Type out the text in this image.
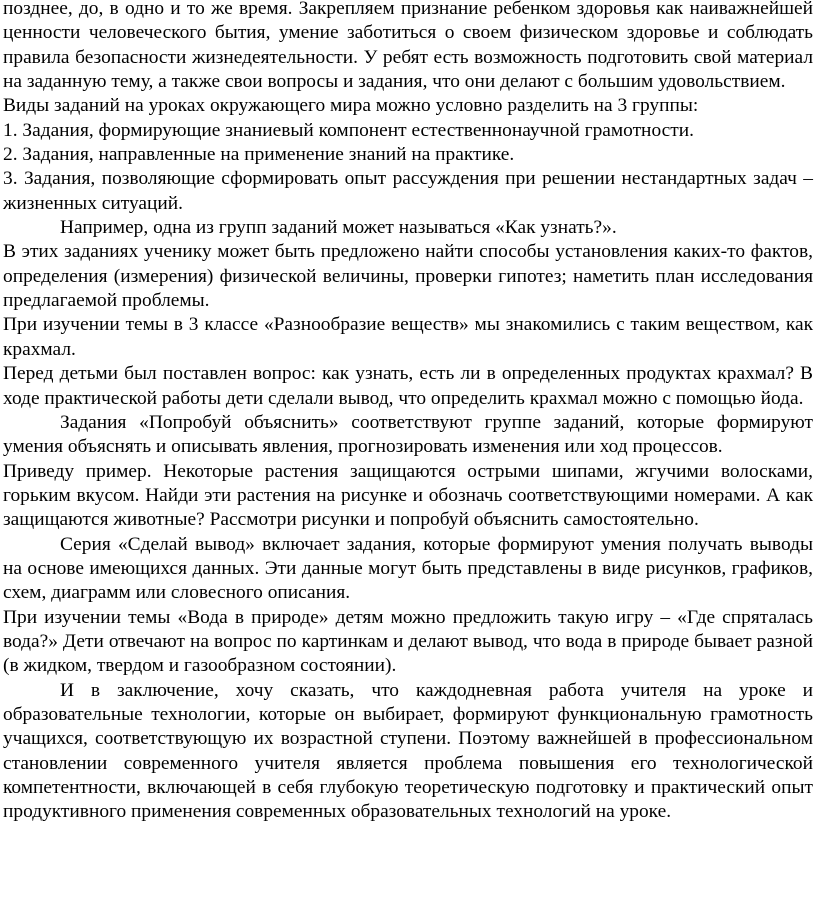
позднее, до, в одно и то же время. Закрепляем признание ребенком здоровья как наиважнейшей ценности человеческого бытия, умение заботиться о своем физическом здоровье и соблюдать правила безопасности жизнедеятельности. У ребят есть возможность подготовить свой материал на заданную тему, а также свои вопросы и задания, что они делают с большим удовольствием.

Виды заданий на уроках окружающего мира можно условно разделить на 3 группы:

1. Задания, формирующие знаниевый компонент естественнонаучной грамотности.

2. Задания, направленные на применение знаний на практике.

3. Задания, позволяющие сформировать опыт рассуждения при решении нестандартных задач – жизненных ситуаций.

Например, одна из групп заданий может называться «Как узнать?».

В этих заданиях ученику может быть предложено найти способы установления каких-то фактов, определения (измерения) физической величины, проверки гипотез; наметить план исследования предлагаемой проблемы.

При изучении темы в 3 классе «Разнообразие веществ» мы знакомились с таким веществом, как крахмал.

Перед детьми был поставлен вопрос: как узнать, есть ли в определенных продуктах крахмал? В ходе практической работы дети сделали вывод, что определить крахмал можно с помощью йода.

Задания «Попробуй объяснить» соответствуют группе заданий, которые формируют умения объяснять и описывать явления, прогнозировать изменения или ход процессов.

Приведу пример. Некоторые растения защищаются острыми шипами, жгучими волосками, горьким вкусом. Найди эти растения на рисунке и обозначь соответствующими номерами. А как защищаются животные? Рассмотри рисунки и попробуй объяснить самостоятельно.

Серия «Сделай вывод» включает задания, которые формируют умения получать выводы на основе имеющихся данных. Эти данные могут быть представлены в виде рисунков, графиков, схем, диаграмм или словесного описания.

При изучении темы «Вода в природе» детям можно предложить такую игру – «Где спряталась вода?» Дети отвечают на вопрос по картинкам и делают вывод, что вода в природе бывает разной (в жидком, твердом и газообразном состоянии).

И в заключение, хочу сказать, что каждодневная работа учителя на уроке и образовательные технологии, которые он выбирает, формируют функциональную грамотность учащихся, соответствующую их возрастной ступени. Поэтому важнейшей в профессиональном становлении современного учителя является проблема повышения его технологической компетентности, включающей в себя глубокую теоретическую подготовку и практический опыт продуктивного применения современных образовательных технологий на уроке.
